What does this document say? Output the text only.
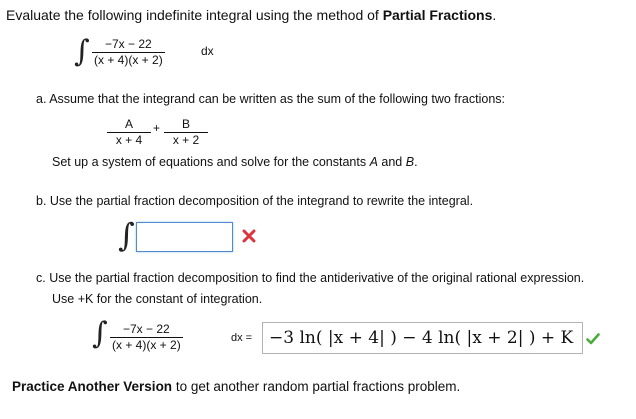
Evaluate the following indefinite integral using the method of Partial Fractions.
∫ $\frac{-7x - 22}{(x + 4)(x + 2)}$	dx
a. Assume that the integrand can be written as the sum of the following two fractions:
$\frac{A}{x + 4} + \frac{B}{x + 2}$
Set up a system of equations and solve for the constants A and B.
b. Use the partial fraction decomposition of the integrand to rewrite the integral.
∫
c. Use the partial fraction decomposition to find the antiderivative of the original rational expression.
Use +K for the constant of integration.
∫ $\frac{-7x - 22}{(x + 4)(x + 2)}$	dx = −3 ln( |x + 4| ) − 4 ln( |x + 2| ) + K
Practice Another Version to get another random partial fractions problem.
